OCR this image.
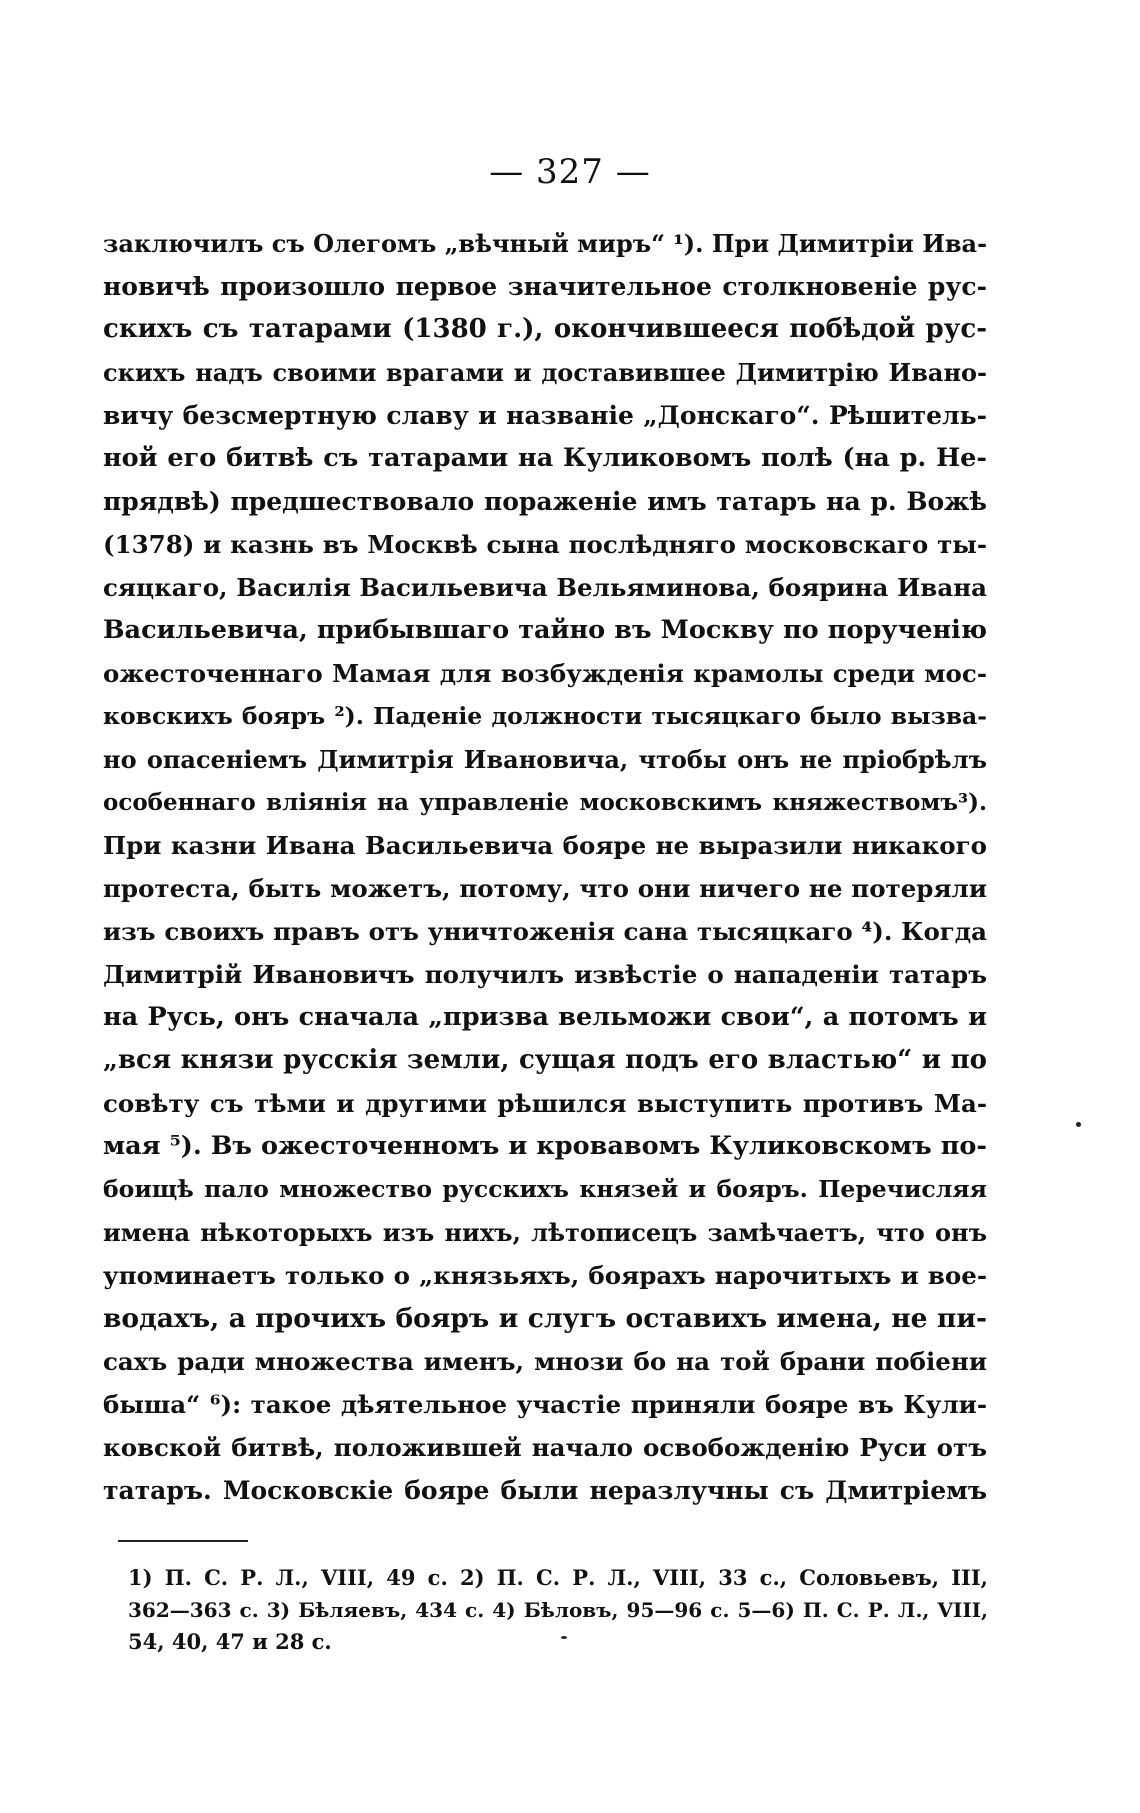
— 327 —
заключилъ съ Олегомъ „вѣчный миръ“ ¹). При Димитріи Ива-
новичѣ произошло первое значительное столкновеніе рус-
скихъ съ татарами (1380 г.), окончившееся побѣдой рус-
скихъ надъ своими врагами и доставившее Димитрію Ивано-
вичу безсмертную славу и названіе „Донскаго“. Рѣшитель-
ной его битвѣ съ татарами на Куликовомъ полѣ (на р. Не-
прядвѣ) предшествовало пораженіе имъ татаръ на р. Вожѣ
(1378) и казнь въ Москвѣ сына послѣдняго московскаго ты-
сяцкаго, Василія Васильевича Вельяминова, боярина Ивана
Васильевича, прибывшаго тайно въ Москву по порученію
ожесточеннаго Мамая для возбужденія крамолы среди мос-
ковскихъ бояръ ²). Паденіе должности тысяцкаго было вызва-
но опасеніемъ Димитрія Ивановича, чтобы онъ не пріобрѣлъ
особеннаго вліянія на управленіе московскимъ княжествомъ³).
При казни Ивана Васильевича бояре не выразили никакого
протеста, быть можетъ, потому, что они ничего не потеряли
изъ своихъ правъ отъ уничтоженія сана тысяцкаго ⁴). Когда
Димитрій Ивановичъ получилъ извѣстіе о нападеніи татаръ
на Русь, онъ сначала „призва вельможи свои“, а потомъ и
„вся князи русскія земли, сущая подъ его властью“ и по
совѣту съ тѣми и другими рѣшился выступить противъ Ма-
мая ⁵). Въ ожесточенномъ и кровавомъ Куликовскомъ по-
боищѣ пало множество русскихъ князей и бояръ. Перечисляя
имена нѣкоторыхъ изъ нихъ, лѣтописецъ замѣчаетъ, что онъ
упоминаетъ только о „князьяхъ, боярахъ нарочитыхъ и вое-
водахъ, а прочихъ бояръ и слугъ оставихъ имена, не пи-
сахъ ради множества именъ, мнози бо на той брани побіени
быша“ ⁶): такое дѣятельное участіе приняли бояре въ Кули-
ковской битвѣ, положившей начало освобожденію Руси отъ
татаръ. Московскіе бояре были неразлучны съ Дмитріемъ
1) П. С. Р. Л., VIII, 49 с. 2) П. С. Р. Л., VIII, 33 с., Соловьевъ, III,
362—363 с. 3) Бѣляевъ, 434 с. 4) Бѣловъ, 95—96 с. 5—6) П. С. Р. Л., VIII,
54, 40, 47 и 28 с.
